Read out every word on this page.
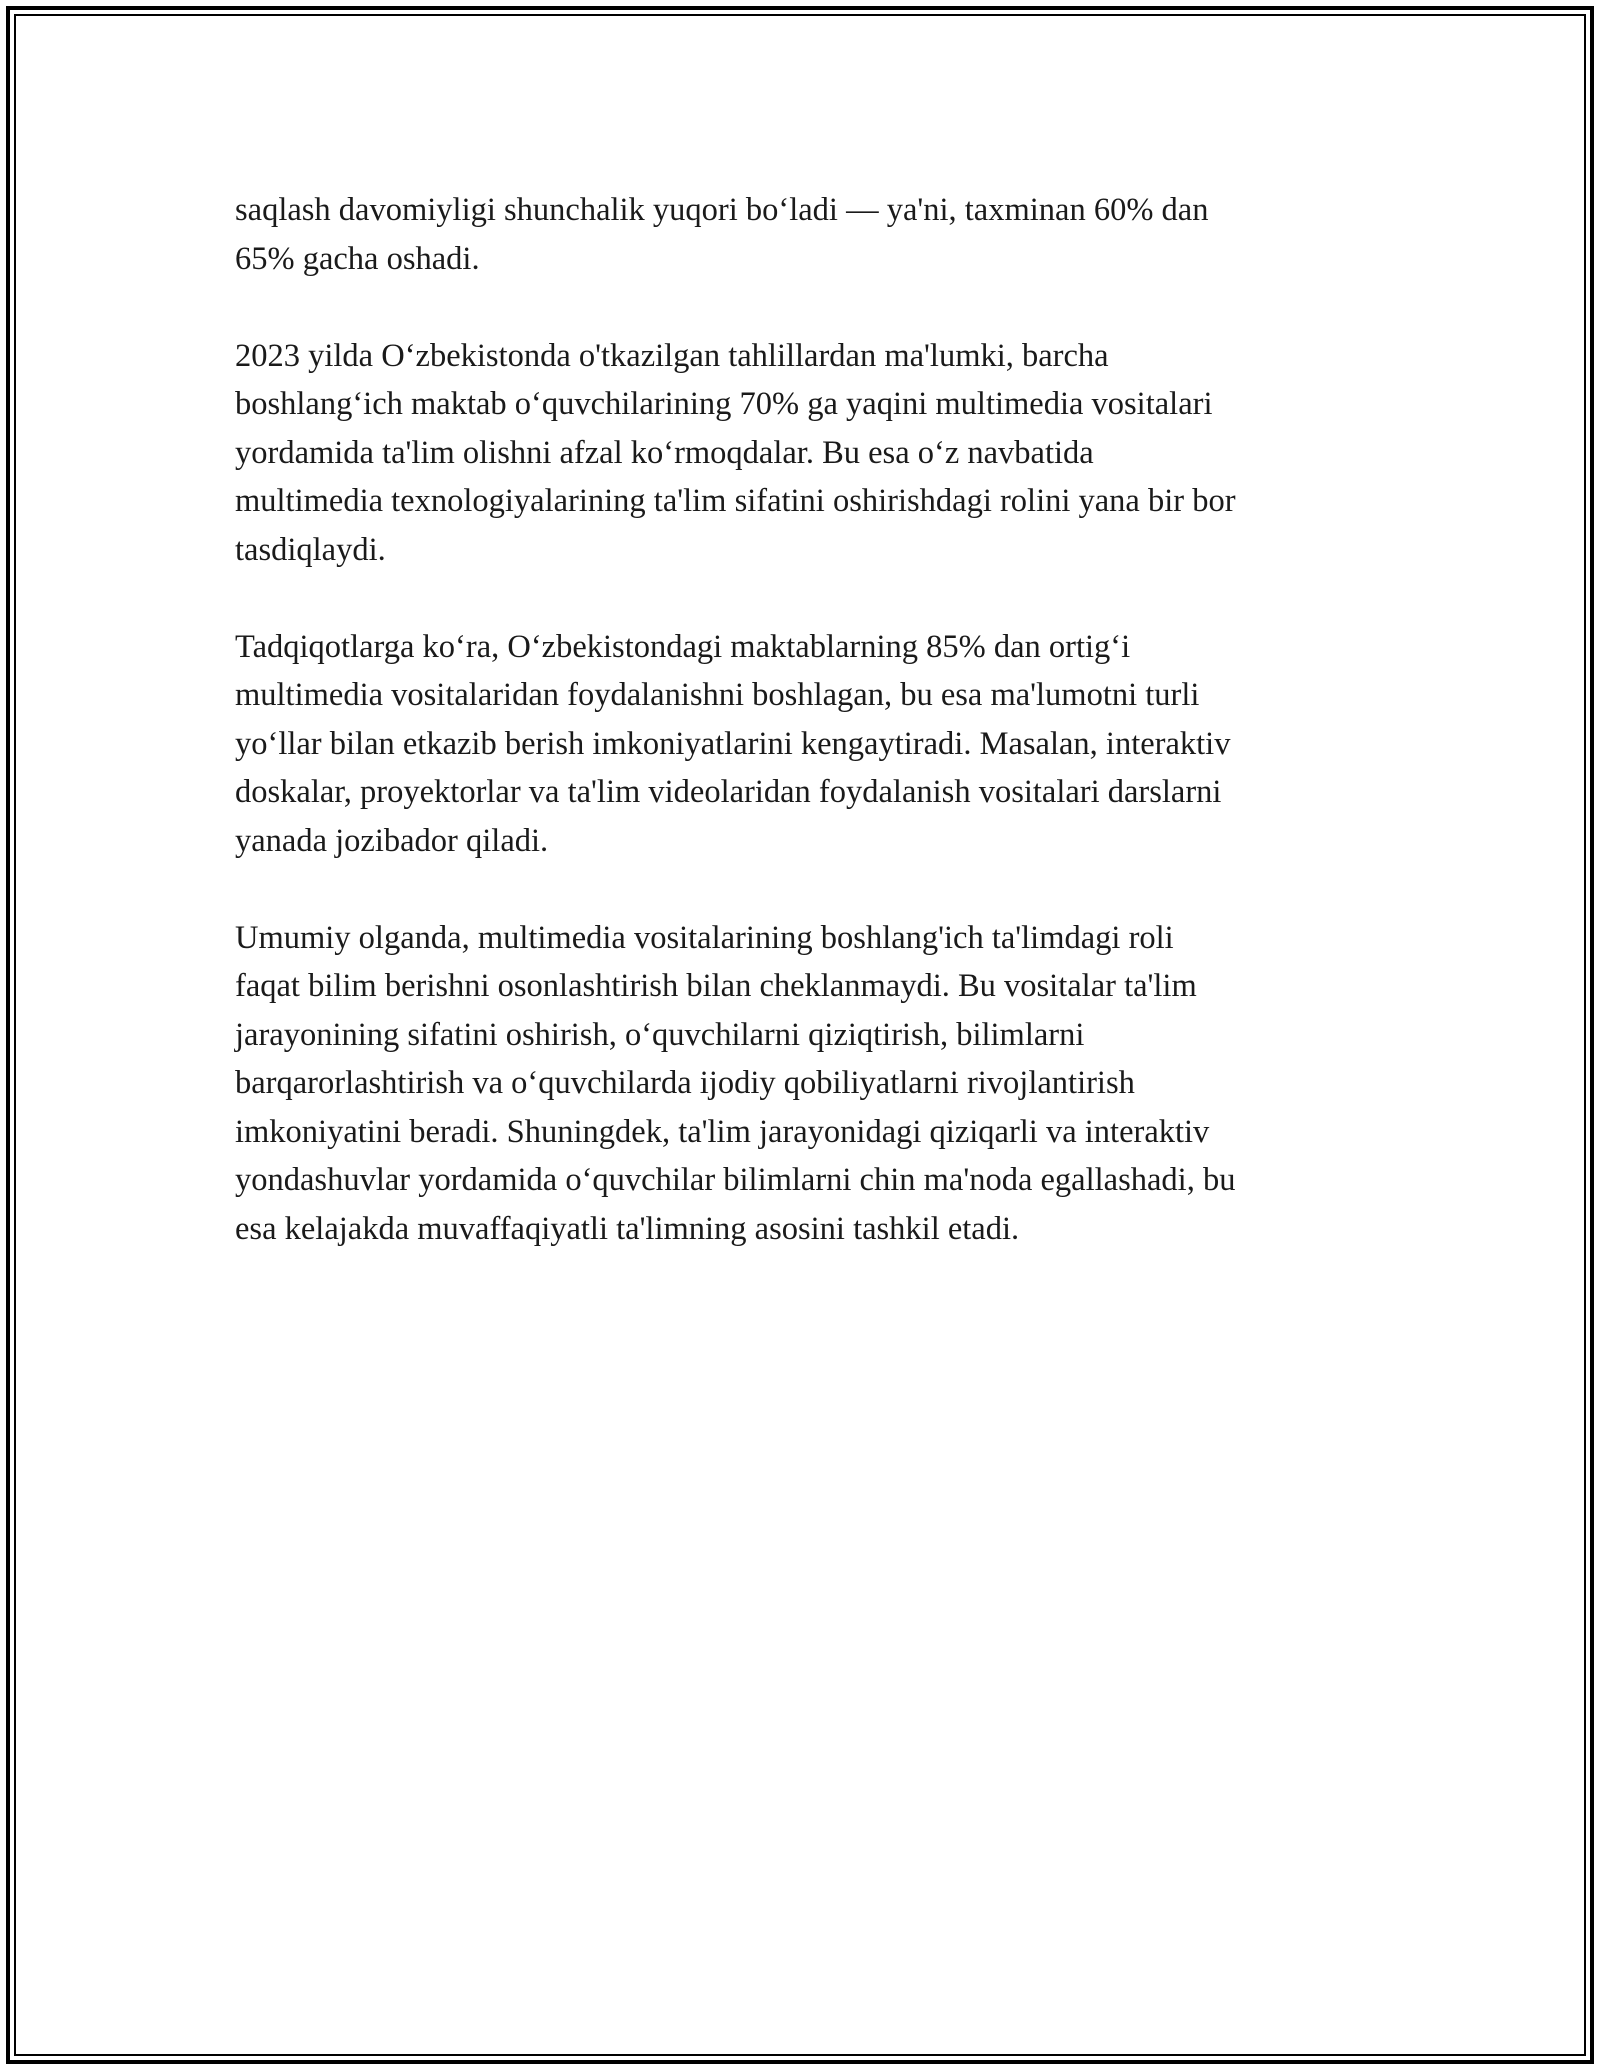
saqlash davomiyligi shunchalik yuqori bo‘ladi — ya'ni, taxminan 60% dan
65% gacha oshadi.

2023 yilda O‘zbekistonda o'tkazilgan tahlillardan ma'lumki, barcha
boshlang‘ich maktab o‘quvchilarining 70% ga yaqini multimedia vositalari
yordamida ta'lim olishni afzal ko‘rmoqdalar. Bu esa o‘z navbatida
multimedia texnologiyalarining ta'lim sifatini oshirishdagi rolini yana bir bor
tasdiqlaydi.

Tadqiqotlarga ko‘ra, O‘zbekistondagi maktablarning 85% dan ortig‘i
multimedia vositalaridan foydalanishni boshlagan, bu esa ma'lumotni turli
yo‘llar bilan etkazib berish imkoniyatlarini kengaytiradi. Masalan, interaktiv
doskalar, proyektorlar va ta'lim videolaridan foydalanish vositalari darslarni
yanada jozibador qiladi.

Umumiy olganda, multimedia vositalarining boshlang'ich ta'limdagi roli
faqat bilim berishni osonlashtirish bilan cheklanmaydi. Bu vositalar ta'lim
jarayonining sifatini oshirish, o‘quvchilarni qiziqtirish, bilimlarni
barqarorlashtirish va o‘quvchilarda ijodiy qobiliyatlarni rivojlantirish
imkoniyatini beradi. Shuningdek, ta'lim jarayonidagi qiziqarli va interaktiv
yondashuvlar yordamida o‘quvchilar bilimlarni chin ma'noda egallashadi, bu
esa kelajakda muvaffaqiyatli ta'limning asosini tashkil etadi.
